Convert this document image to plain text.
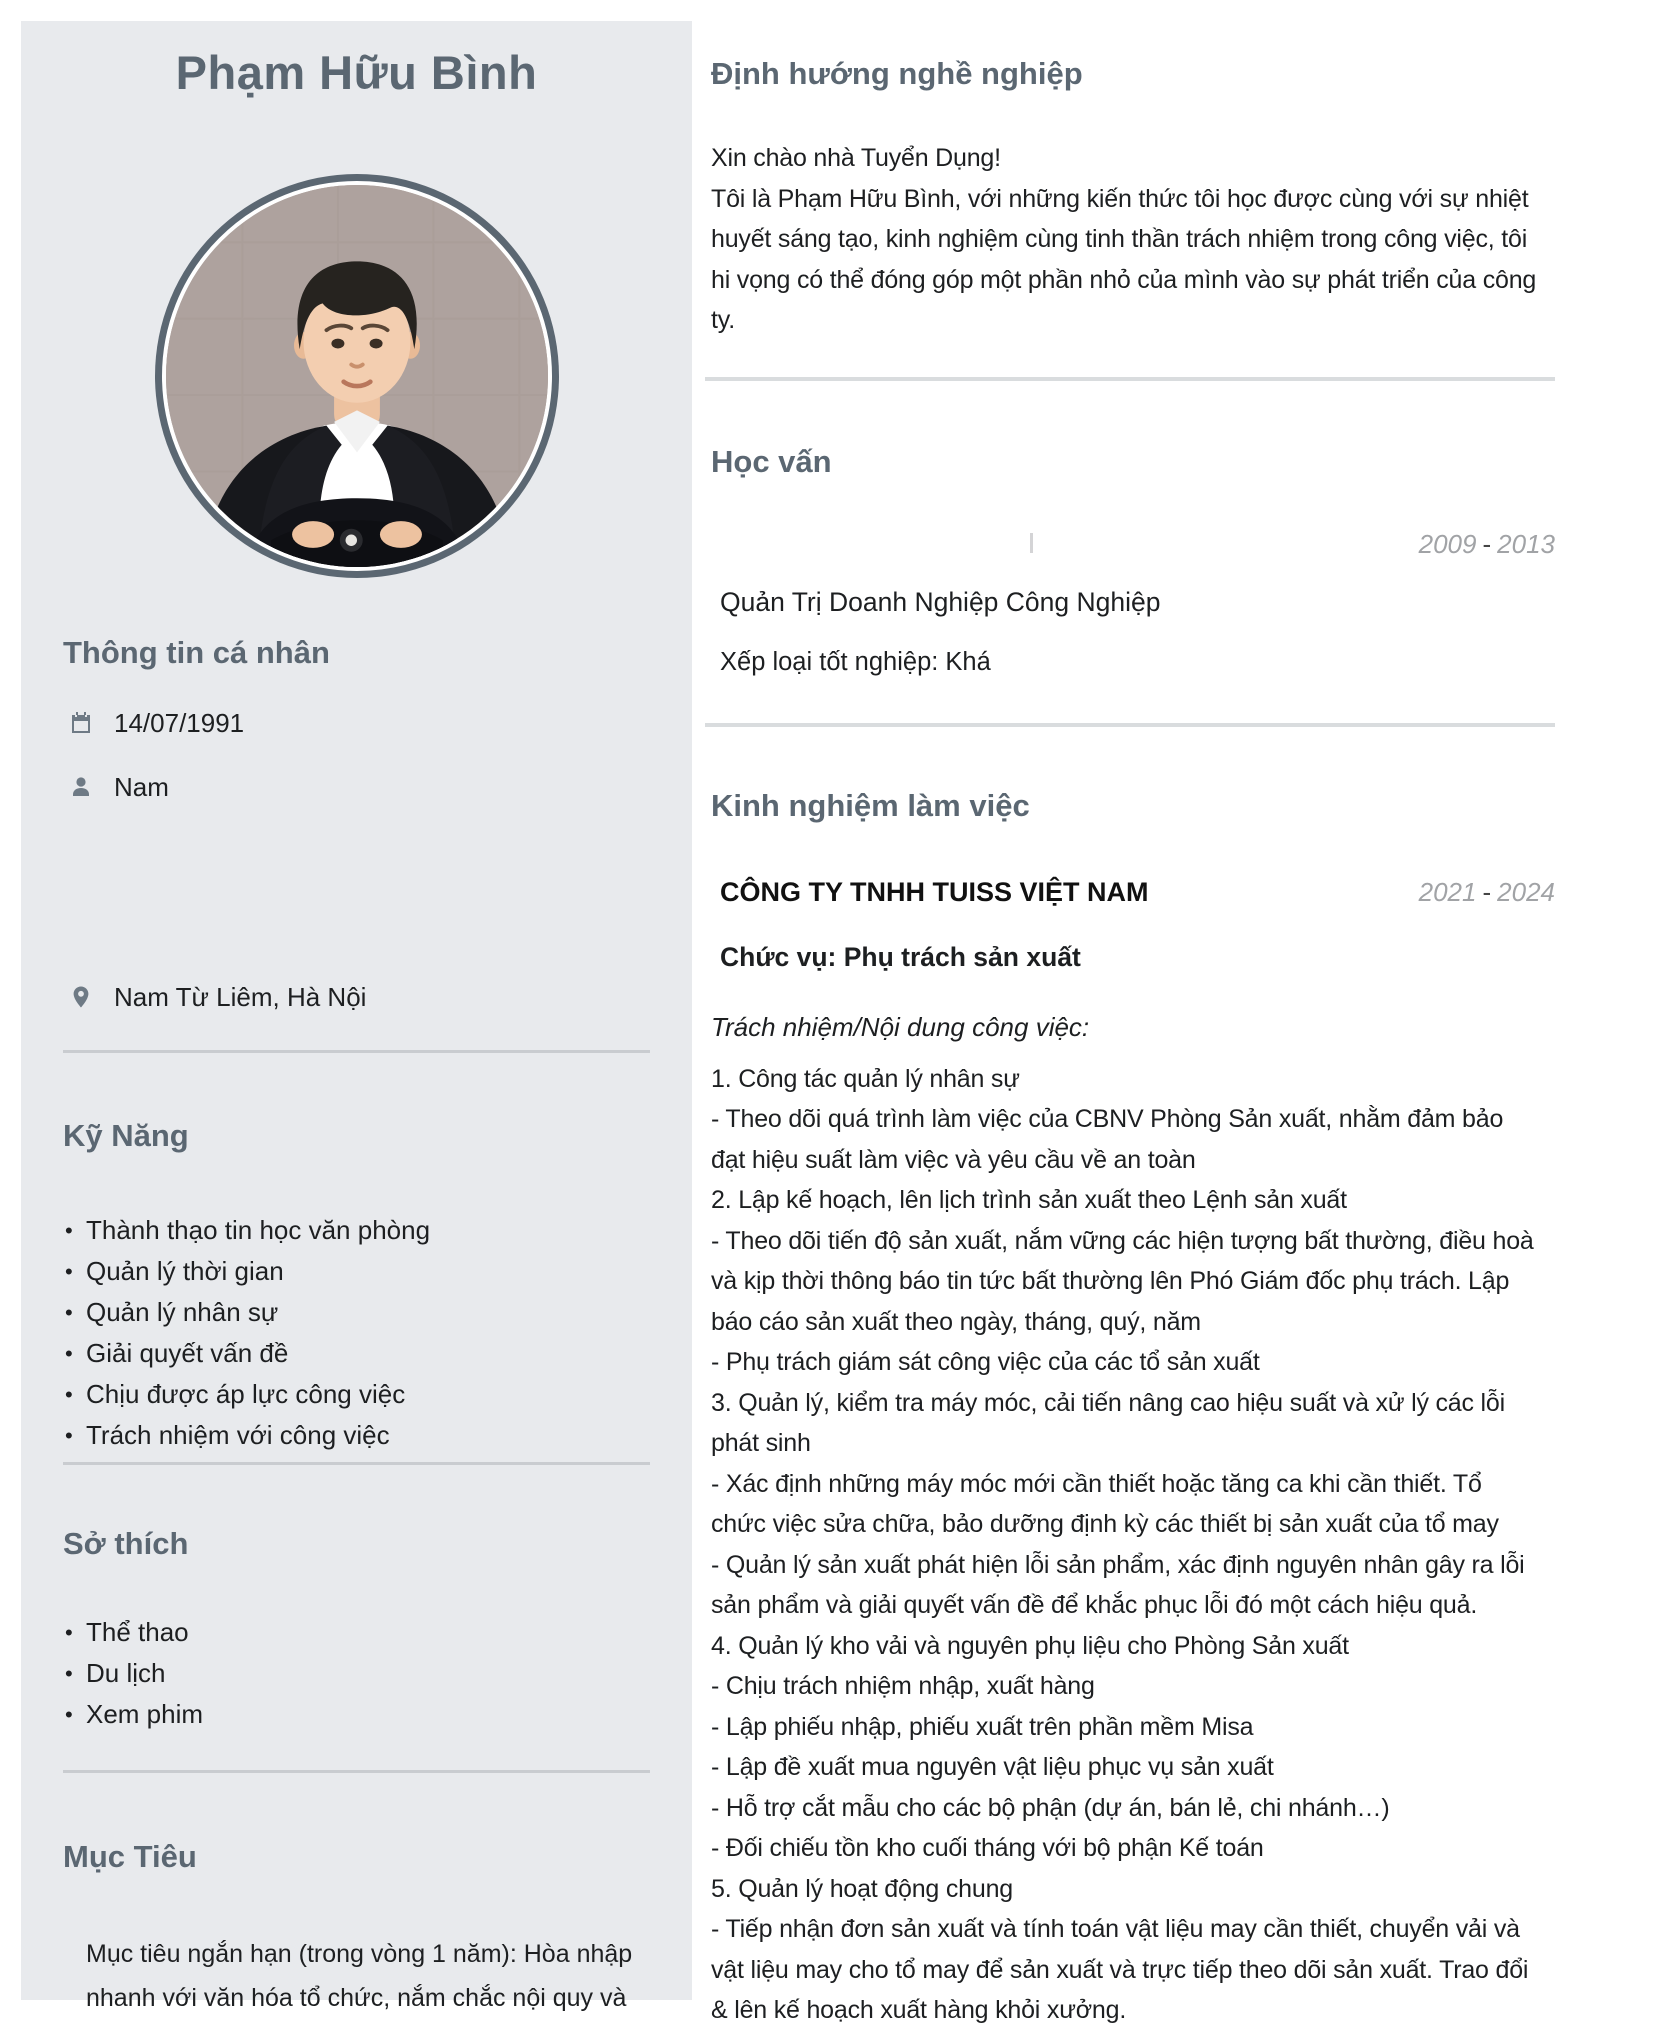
Phạm Hữu Bình
Thông tin cá nhân
14/07/1991
Nam
Nam Từ Liêm, Hà Nội
Kỹ Năng
• Thành thạo tin học văn phòng
• Quản lý thời gian
• Quản lý nhân sự
• Giải quyết vấn đề
• Chịu được áp lực công việc
• Trách nhiệm với công việc
Sở thích
• Thể thao
• Du lịch
• Xem phim
Mục Tiêu
Mục tiêu ngắn hạn (trong vòng 1 năm): Hòa nhập
nhanh với văn hóa tổ chức, nắm chắc nội quy và
Định hướng nghề nghiệp
Xin chào nhà Tuyển Dụng!
Tôi là Phạm Hữu Bình, với những kiến thức tôi học được cùng với sự nhiệt
huyết sáng tạo, kinh nghiệm cùng tinh thần trách nhiệm trong công việc, tôi
hi vọng có thể đóng góp một phần nhỏ của mình vào sự phát triển của công
ty.
Học vấn
2009 - 2013
Quản Trị Doanh Nghiệp Công Nghiệp
Xếp loại tốt nghiệp: Khá
Kinh nghiệm làm việc
CÔNG TY TNHH TUISS VIỆT NAM	2021 - 2024
Chức vụ: Phụ trách sản xuất
Trách nhiệm/Nội dung công việc:
1. Công tác quản lý nhân sự
- Theo dõi quá trình làm việc của CBNV Phòng Sản xuất, nhằm đảm bảo
đạt hiệu suất làm việc và yêu cầu về an toàn
2. Lập kế hoạch, lên lịch trình sản xuất theo Lệnh sản xuất
- Theo dõi tiến độ sản xuất, nắm vững các hiện tượng bất thường, điều hoà
và kịp thời thông báo tin tức bất thường lên Phó Giám đốc phụ trách. Lập
báo cáo sản xuất theo ngày, tháng, quý, năm
- Phụ trách giám sát công việc của các tổ sản xuất
3. Quản lý, kiểm tra máy móc, cải tiến nâng cao hiệu suất và xử lý các lỗi
phát sinh
- Xác định những máy móc mới cần thiết hoặc tăng ca khi cần thiết. Tổ
chức việc sửa chữa, bảo dưỡng định kỳ các thiết bị sản xuất của tổ may
- Quản lý sản xuất phát hiện lỗi sản phẩm, xác định nguyên nhân gây ra lỗi
sản phẩm và giải quyết vấn đề để khắc phục lỗi đó một cách hiệu quả.
4. Quản lý kho vải và nguyên phụ liệu cho Phòng Sản xuất
- Chịu trách nhiệm nhập, xuất hàng
- Lập phiếu nhập, phiếu xuất trên phần mềm Misa
- Lập đề xuất mua nguyên vật liệu phục vụ sản xuất
- Hỗ trợ cắt mẫu cho các bộ phận (dự án, bán lẻ, chi nhánh…)
- Đối chiếu tồn kho cuối tháng với bộ phận Kế toán
5. Quản lý hoạt động chung
- Tiếp nhận đơn sản xuất và tính toán vật liệu may cần thiết, chuyển vải và
vật liệu may cho tổ may để sản xuất và trực tiếp theo dõi sản xuất. Trao đổi
& lên kế hoạch xuất hàng khỏi xưởng.
